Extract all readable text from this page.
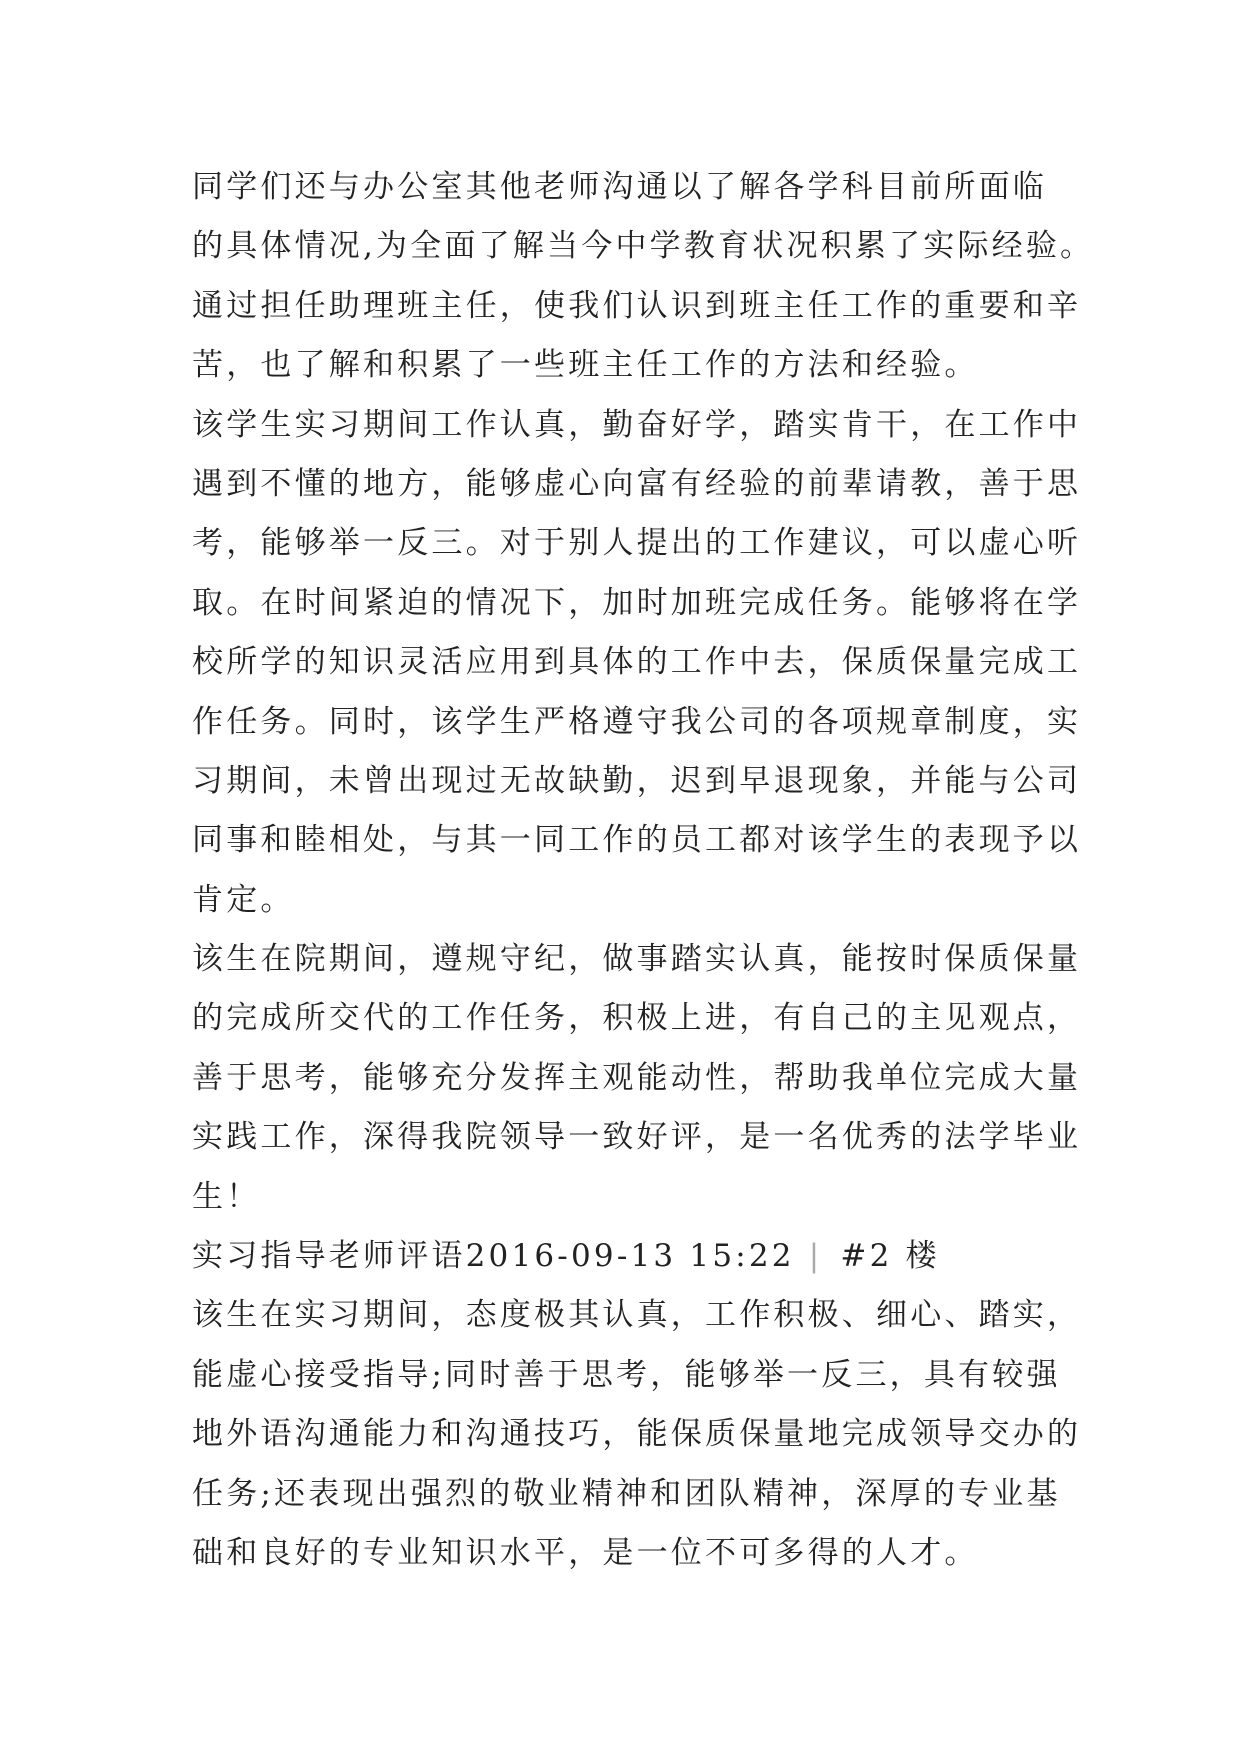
同学们还与办公室其他老师沟通以了解各学科目前所面临
的具体情况,为全面了解当今中学教育状况积累了实际经验。
通过担任助理班主任，使我们认识到班主任工作的重要和辛
苦，也了解和积累了一些班主任工作的方法和经验。
该学生实习期间工作认真，勤奋好学，踏实肯干，在工作中
遇到不懂的地方，能够虚心向富有经验的前辈请教，善于思
考，能够举一反三。对于别人提出的工作建议，可以虚心听
取。在时间紧迫的情况下，加时加班完成任务。能够将在学
校所学的知识灵活应用到具体的工作中去，保质保量完成工
作任务。同时，该学生严格遵守我公司的各项规章制度，实
习期间，未曾出现过无故缺勤，迟到早退现象，并能与公司
同事和睦相处，与其一同工作的员工都对该学生的表现予以
肯定。
该生在院期间，遵规守纪，做事踏实认真，能按时保质保量
的完成所交代的工作任务，积极上进，有自己的主见观点，
善于思考，能够充分发挥主观能动性，帮助我单位完成大量
实践工作，深得我院领导一致好评，是一名优秀的法学毕业
生！
实习指导老师评语2016-09-13 15:22 | #2 楼
该生在实习期间，态度极其认真，工作积极、细心、踏实，
能虚心接受指导;同时善于思考，能够举一反三，具有较强
地外语沟通能力和沟通技巧，能保质保量地完成领导交办的
任务;还表现出强烈的敬业精神和团队精神，深厚的专业基
础和良好的专业知识水平，是一位不可多得的人才。
